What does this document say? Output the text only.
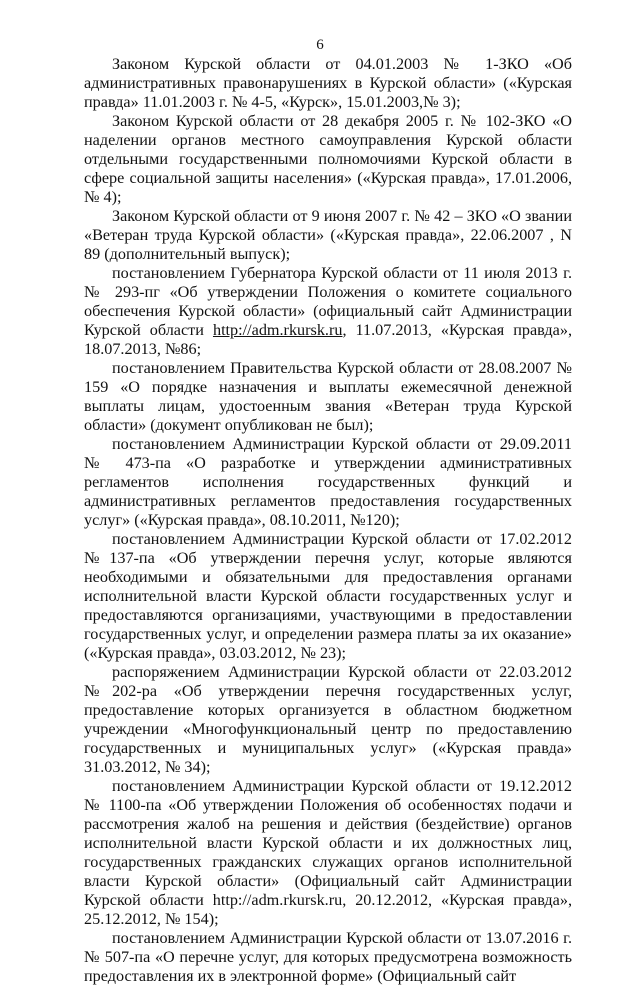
6

Законом Курской области от 04.01.2003 № 1-ЗКО «Об административных правонарушениях в Курской области» («Курская правда» 11.01.2003 г. № 4-5, «Курск», 15.01.2003,№ 3);

Законом Курской области от 28 декабря 2005 г. № 102-ЗКО «О наделении органов местного самоуправления Курской области отдельными государственными полномочиями Курской области в сфере социальной защиты населения» («Курская правда», 17.01.2006, № 4);

Законом Курской области от 9 июня 2007 г. № 42 – ЗКО «О звании «Ветеран труда Курской области» («Курская правда», 22.06.2007 , N 89 (дополнительный выпуск);

постановлением Губернатора Курской области от 11 июля 2013 г. № 293-пг «Об утверждении Положения о комитете социального обеспечения Курской области» (официальный сайт Администрации Курской области http://adm.rkursk.ru, 11.07.2013, «Курская правда», 18.07.2013, №86;

постановлением Правительства Курской области от 28.08.2007 № 159 «О порядке назначения и выплаты ежемесячной денежной выплаты лицам, удостоенным звания «Ветеран труда Курской области» (документ опубликован не был);

постановлением Администрации Курской области от 29.09.2011 № 473-па «О разработке и утверждении административных регламентов исполнения государственных функций и административных регламентов предоставления государственных услуг» («Курская правда», 08.10.2011, №120);

постановлением Администрации Курской области от 17.02.2012 №137-па «Об утверждении перечня услуг, которые являются необходимыми и обязательными для предоставления органами исполнительной власти Курской области государственных услуг и предоставляются организациями, участвующими в предоставлении государственных услуг, и определении размера платы за их оказание» («Курская правда», 03.03.2012, № 23);

распоряжением Администрации Курской области от 22.03.2012 №202-ра «Об утверждении перечня государственных услуг, предоставление которых организуется в областном бюджетном учреждении «Многофункциональный центр по предоставлению государственных и муниципальных услуг» («Курская правда» 31.03.2012, № 34);

постановлением Администрации Курской области от 19.12.2012 № 1100-па «Об утверждении Положения об особенностях подачи и рассмотрения жалоб на решения и действия (бездействие) органов исполнительной власти Курской области и их должностных лиц, государственных гражданских служащих органов исполнительной власти Курской области» (Официальный сайт Администрации Курской области http://adm.rkursk.ru, 20.12.2012, «Курская правда», 25.12.2012, № 154);

постановлением Администрации Курской области от 13.07.2016 г. № 507-па «О перечне услуг, для которых предусмотрена возможность предоставления их в электронной форме» (Официальный сайт
